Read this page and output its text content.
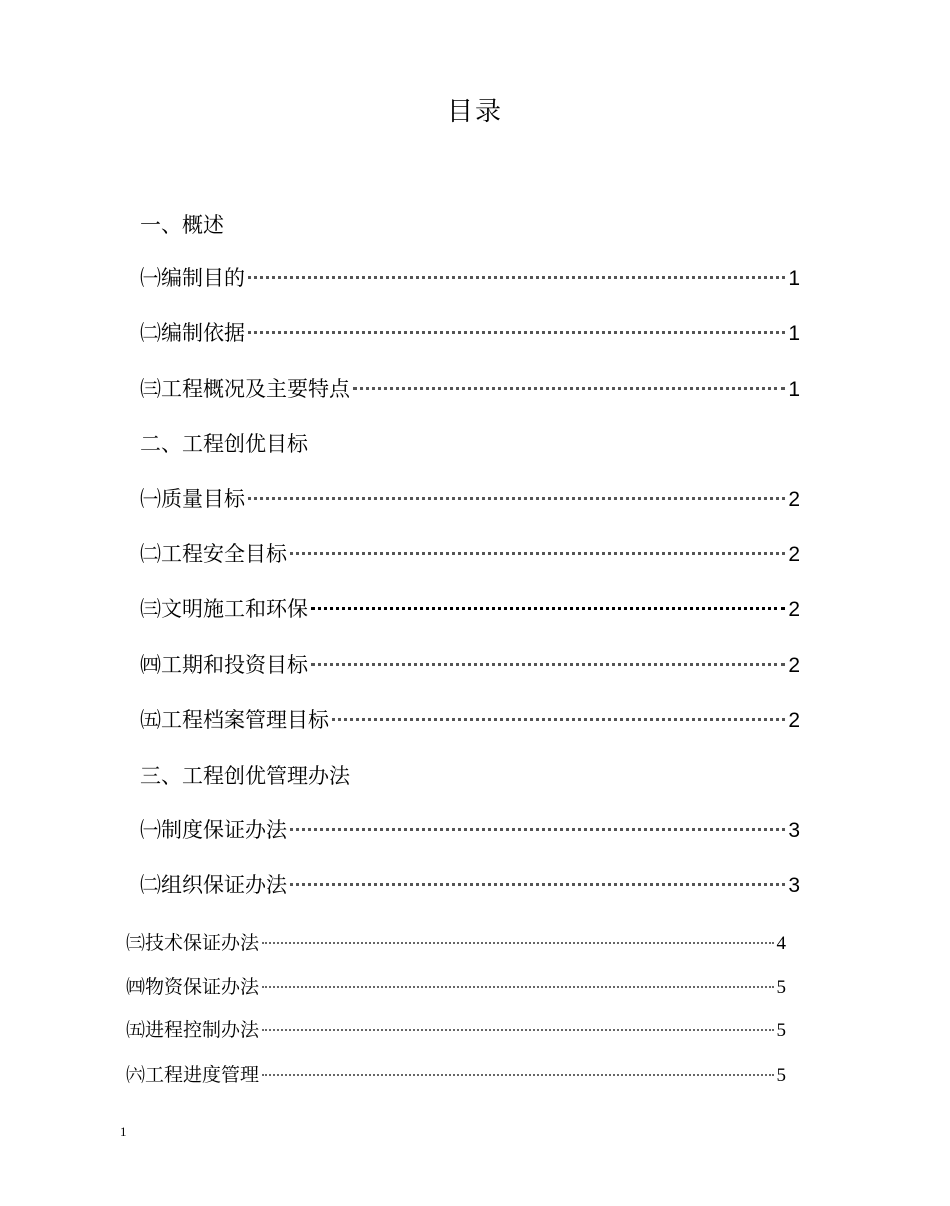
目录
一、概述
㈠编制目的	1
㈡编制依据	1
㈢工程概况及主要特点	1
二、工程创优目标
㈠质量目标	2
㈡工程安全目标	2
㈢文明施工和环保	2
㈣工期和投资目标	2
㈤工程档案管理目标	2
三、工程创优管理办法
㈠制度保证办法	3
㈡组织保证办法	3
㈢技术保证办法	4
㈣物资保证办法	5
㈤进程控制办法	5
㈥工程进度管理	5
1
